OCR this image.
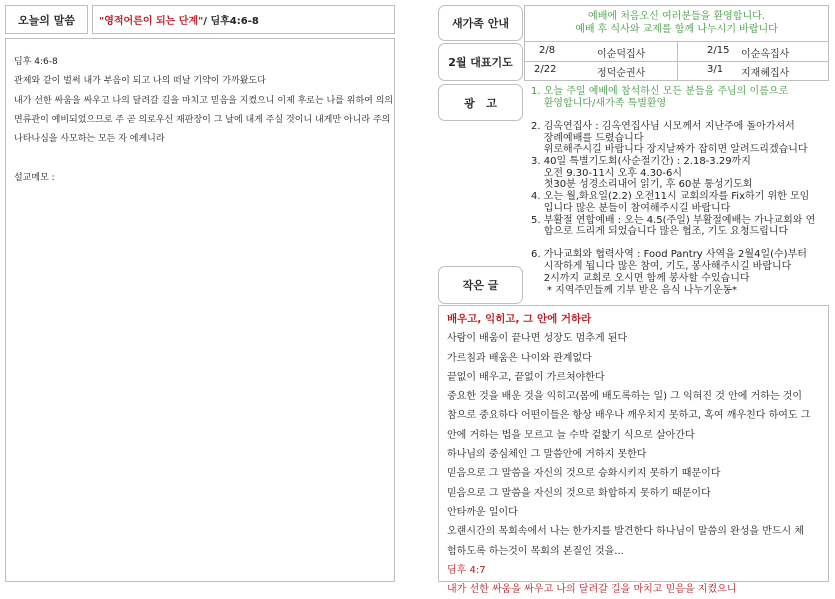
오늘의 말씀 "영적어른이 되는 단계" / 딤후4:6-8

딤후 4:6-8

관제와 같이 벌써 내가 부음이 되고 나의 떠날 기약이 가까왔도다

내가 선한 싸움을 싸우고 나의 달려갈 길을 마치고 믿음을 지켰으니 이제 후로는 나를 위하여 의의

면류관이 예비되었으므로 주 곧 의로우신 재판장이 그 날에 내게 주실 것이니 내게만 아니라 주의

나타나심을 사모하는 모든 자 에게니라

설교메모 :

새가족 안내
2월 대표기도
광   고
작은 글
예배에 처음오신 여러분들을 환영합니다.
예배 후 식사와 교제를 함께 나누시기 바랍니다
2/8	이순덕집사	2/15 이순옥집사
2/22	정덕순권사	3/1 지재혜집사

1. 오늘 주일 예배에 참석하신 모든 분들을 주님의 이름으로

환영합니다/새가족 특별환영

2. 김옥연집사 : 김옥연집사님 시모께서 지난주에 돌아가셔서

장례예배를 드렸습니다

위로해주시길 바랍니다 장지날짜가 잡히면 알려드리겠습니다

3. 40일 특별기도회(사순절기간) : 2.18-3.29까지

오전 9.30-11시 오후 4.30-6시

첫30분 성경소리내어 읽기, 후 60분 통성기도회

4. 오는 월,화요일(2.2) 오전11시 교회의자를 Fix하기 위한 모임

입니다 많은 분들이 참여해주시길 바랍니다

5. 부활절 연합예배 : 오는 4.5(주일) 부활절예배는 가나교회와 연

합으로 드리게 되었습니다 많은 협조, 기도 요청드립니다

6. 가나교회와 협력사역 : Food Pantry 사역을 2월4일(수)부터

시작하게 됩니다 많은 참여, 기도, 봉사해주시길 바랍니다

2시까지 교회로 오시면 함께 봉사할 수있습니다

* 지역주민들께 기부 받은 음식 나누기운동*

배우고, 익히고, 그 안에 거하라

사람이 배움이 끝나면 성장도 멈추게 된다

가르침과 배움은 나이와 관계없다

끝없이 배우고, 끝없이 가르쳐야한다

중요한 것을 배운 것을 익히고(몸에 배도록하는 일) 그 익혀진 것 안에 거하는 것이

참으로 중요하다 어떤이들은 항상 배우나 깨우치지 못하고, 혹여 깨우친다 하여도 그

안에 거하는 법을 모르고 늘 수박 겉핥기 식으로 살아간다

하나님의 중심체인 그 말씀안에 거하지 못한다

믿음으로 그 말씀을 자신의 것으로 승화시키지 못하기 때문이다

믿음으로 그 말씀을 자신의 것으로 화합하지 못하기 때문이다

안타까운 일이다

오랜시간의 목회속에서 나는 한가지를 발견한다 하나님이 말씀의 완성을 반드시 체

험하도록 하는것이 목회의 본질인 것을...

딤후 4:7

내가 선한 싸움을 싸우고 나의 달려갈 길을 마치고 믿음을 지켰으니
